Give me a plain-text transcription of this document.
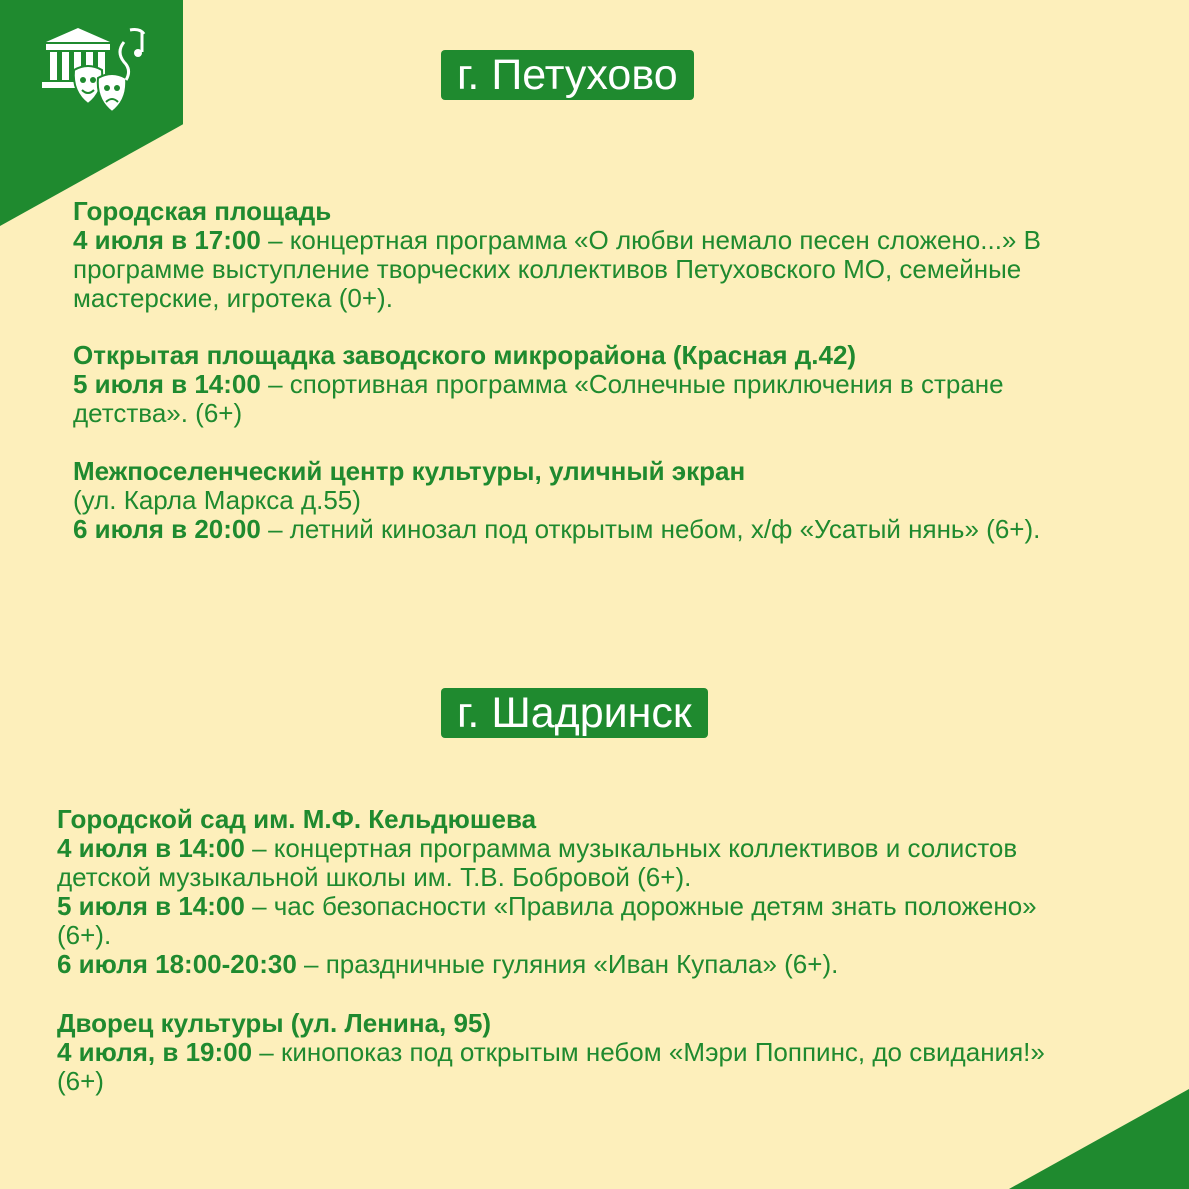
г. Петухово
Городская площадь
4 июля в 17:00 – концертная программа «О любви немало песен сложено...» В программе выступление творческих коллективов Петуховского МО, семейные мастерские, игротека (0+).
Открытая площадка заводского микрорайона (Красная д.42)
5 июля в 14:00 – спортивная программа «Солнечные приключения в стране детства». (6+)
Межпоселенческий центр культуры, уличный экран
(ул. Карла Маркса д.55)
6 июля в 20:00 – летний кинозал под открытым небом, х/ф «Усатый нянь» (6+).
г. Шадринск
Городской сад им. М.Ф. Кельдюшева
4 июля в 14:00 – концертная программа музыкальных коллективов и солистов детской музыкальной школы им. Т.В. Бобровой (6+).
5 июля в 14:00 – час безопасности «Правила дорожные детям знать положено» (6+).
6 июля 18:00-20:30 – праздничные гуляния «Иван Купала» (6+).
Дворец культуры (ул. Ленина, 95)
4 июля, в 19:00 – кинопоказ под открытым небом «Мэри Поппинс, до свидания!» (6+)
